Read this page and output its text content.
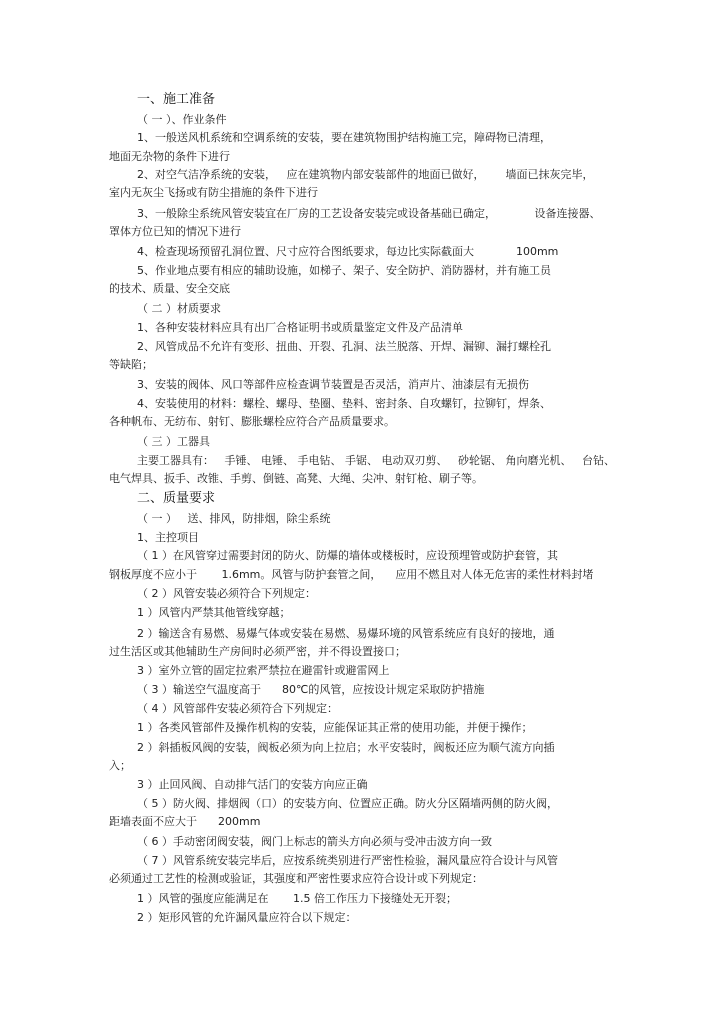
一、施工准备
（ 一 ）、作业条件
1、一般送风机系统和空调系统的安装，要在建筑物围护结构施工完，障碍物已清理，
地面无杂物的条件下进行
2、对空气洁净系统的安装，   应在建筑物内部安装部件的地面已做好，      墙面已抹灰完毕，
室内无灰尘飞扬或有防尘措施的条件下进行
3、一般除尘系统风管安装宜在厂房的工艺设备安装完或设备基础已确定，           设备连接器、
罩体方位已知的情况下进行
4、检查现场预留孔洞位置、尺寸应符合图纸要求，每边比实际截面大            100mm
5、作业地点要有相应的辅助设施，如梯子、架子、安全防护、消防器材，并有施工员
的技术、质量、安全交底
（ 二 ）材质要求
1、各种安装材料应具有出厂合格证明书或质量鉴定文件及产品清单
2、风管成品不允许有变形、扭曲、开裂、孔洞、法兰脱落、开焊、漏铆、漏打螺栓孔
等缺陷；
3、安装的阀体、风口等部件应检查调节装置是否灵活，消声片、油漆层有无损伤
4、安装使用的材料：螺栓、螺母、垫圈、垫料、密封条、自攻螺钉，拉铆钉，焊条、
各种帆布、无纺布、射钉、膨胀螺栓应符合产品质量要求。
（ 三 ）工器具
主要工器具有：   手锤、 电锤、 手电钻、 手锯、 电动双刃剪、   砂轮锯、 角向磨光机、   台钻、
电气焊具、扳手、改锥、手剪、倒链、高凳、大绳、尖冲、射钉枪、刷子等。
二、质量要求
（ 一 ）   送、排风，防排烟，除尘系统
1、主控项目
（ 1 ）在风管穿过需要封闭的防火、防爆的墙体或楼板时，应设预埋管或防护套管，其
钢板厚度不应小于       1.6mm。风管与防护套管之间，    应用不燃且对人体无危害的柔性材料封堵
（ 2 ）风管安装必须符合下列规定：
1 ）风管内严禁其他管线穿越；
2 ）输送含有易燃、易爆气体或安装在易燃、易爆环境的风管系统应有良好的接地，通
过生活区或其他辅助生产房间时必须严密，并不得设置接口；
3 ）室外立管的固定拉索严禁拉在避雷针或避雷网上
（ 3 ）输送空气温度高于      80℃的风管，应按设计规定采取防护措施
（ 4 ）风管部件安装必须符合下列规定：
1 ）各类风管部件及操作机构的安装，应能保证其正常的使用功能，并便于操作；
2 ）斜插板风阀的安装，阀板必须为向上拉启；水平安装时，阀板还应为顺气流方向插
入；
3 ）止回风阀、自动排气活门的安装方向应正确
（ 5 ）防火阀、排烟阀（口）的安装方向、位置应正确。防火分区隔墙两侧的防火阀，
距墙表面不应大于      200mm
（ 6 ）手动密闭阀安装，阀门上标志的箭头方向必须与受冲击波方向一致
（ 7 ）风管系统安装完毕后，应按系统类别进行严密性检验，漏风量应符合设计与风管
必须通过工艺性的检测或验证，其强度和严密性要求应符合设计或下列规定：
1 ）风管的强度应能满足在       1.5 倍工作压力下接缝处无开裂；
2 ）矩形风管的允许漏风量应符合以下规定：
